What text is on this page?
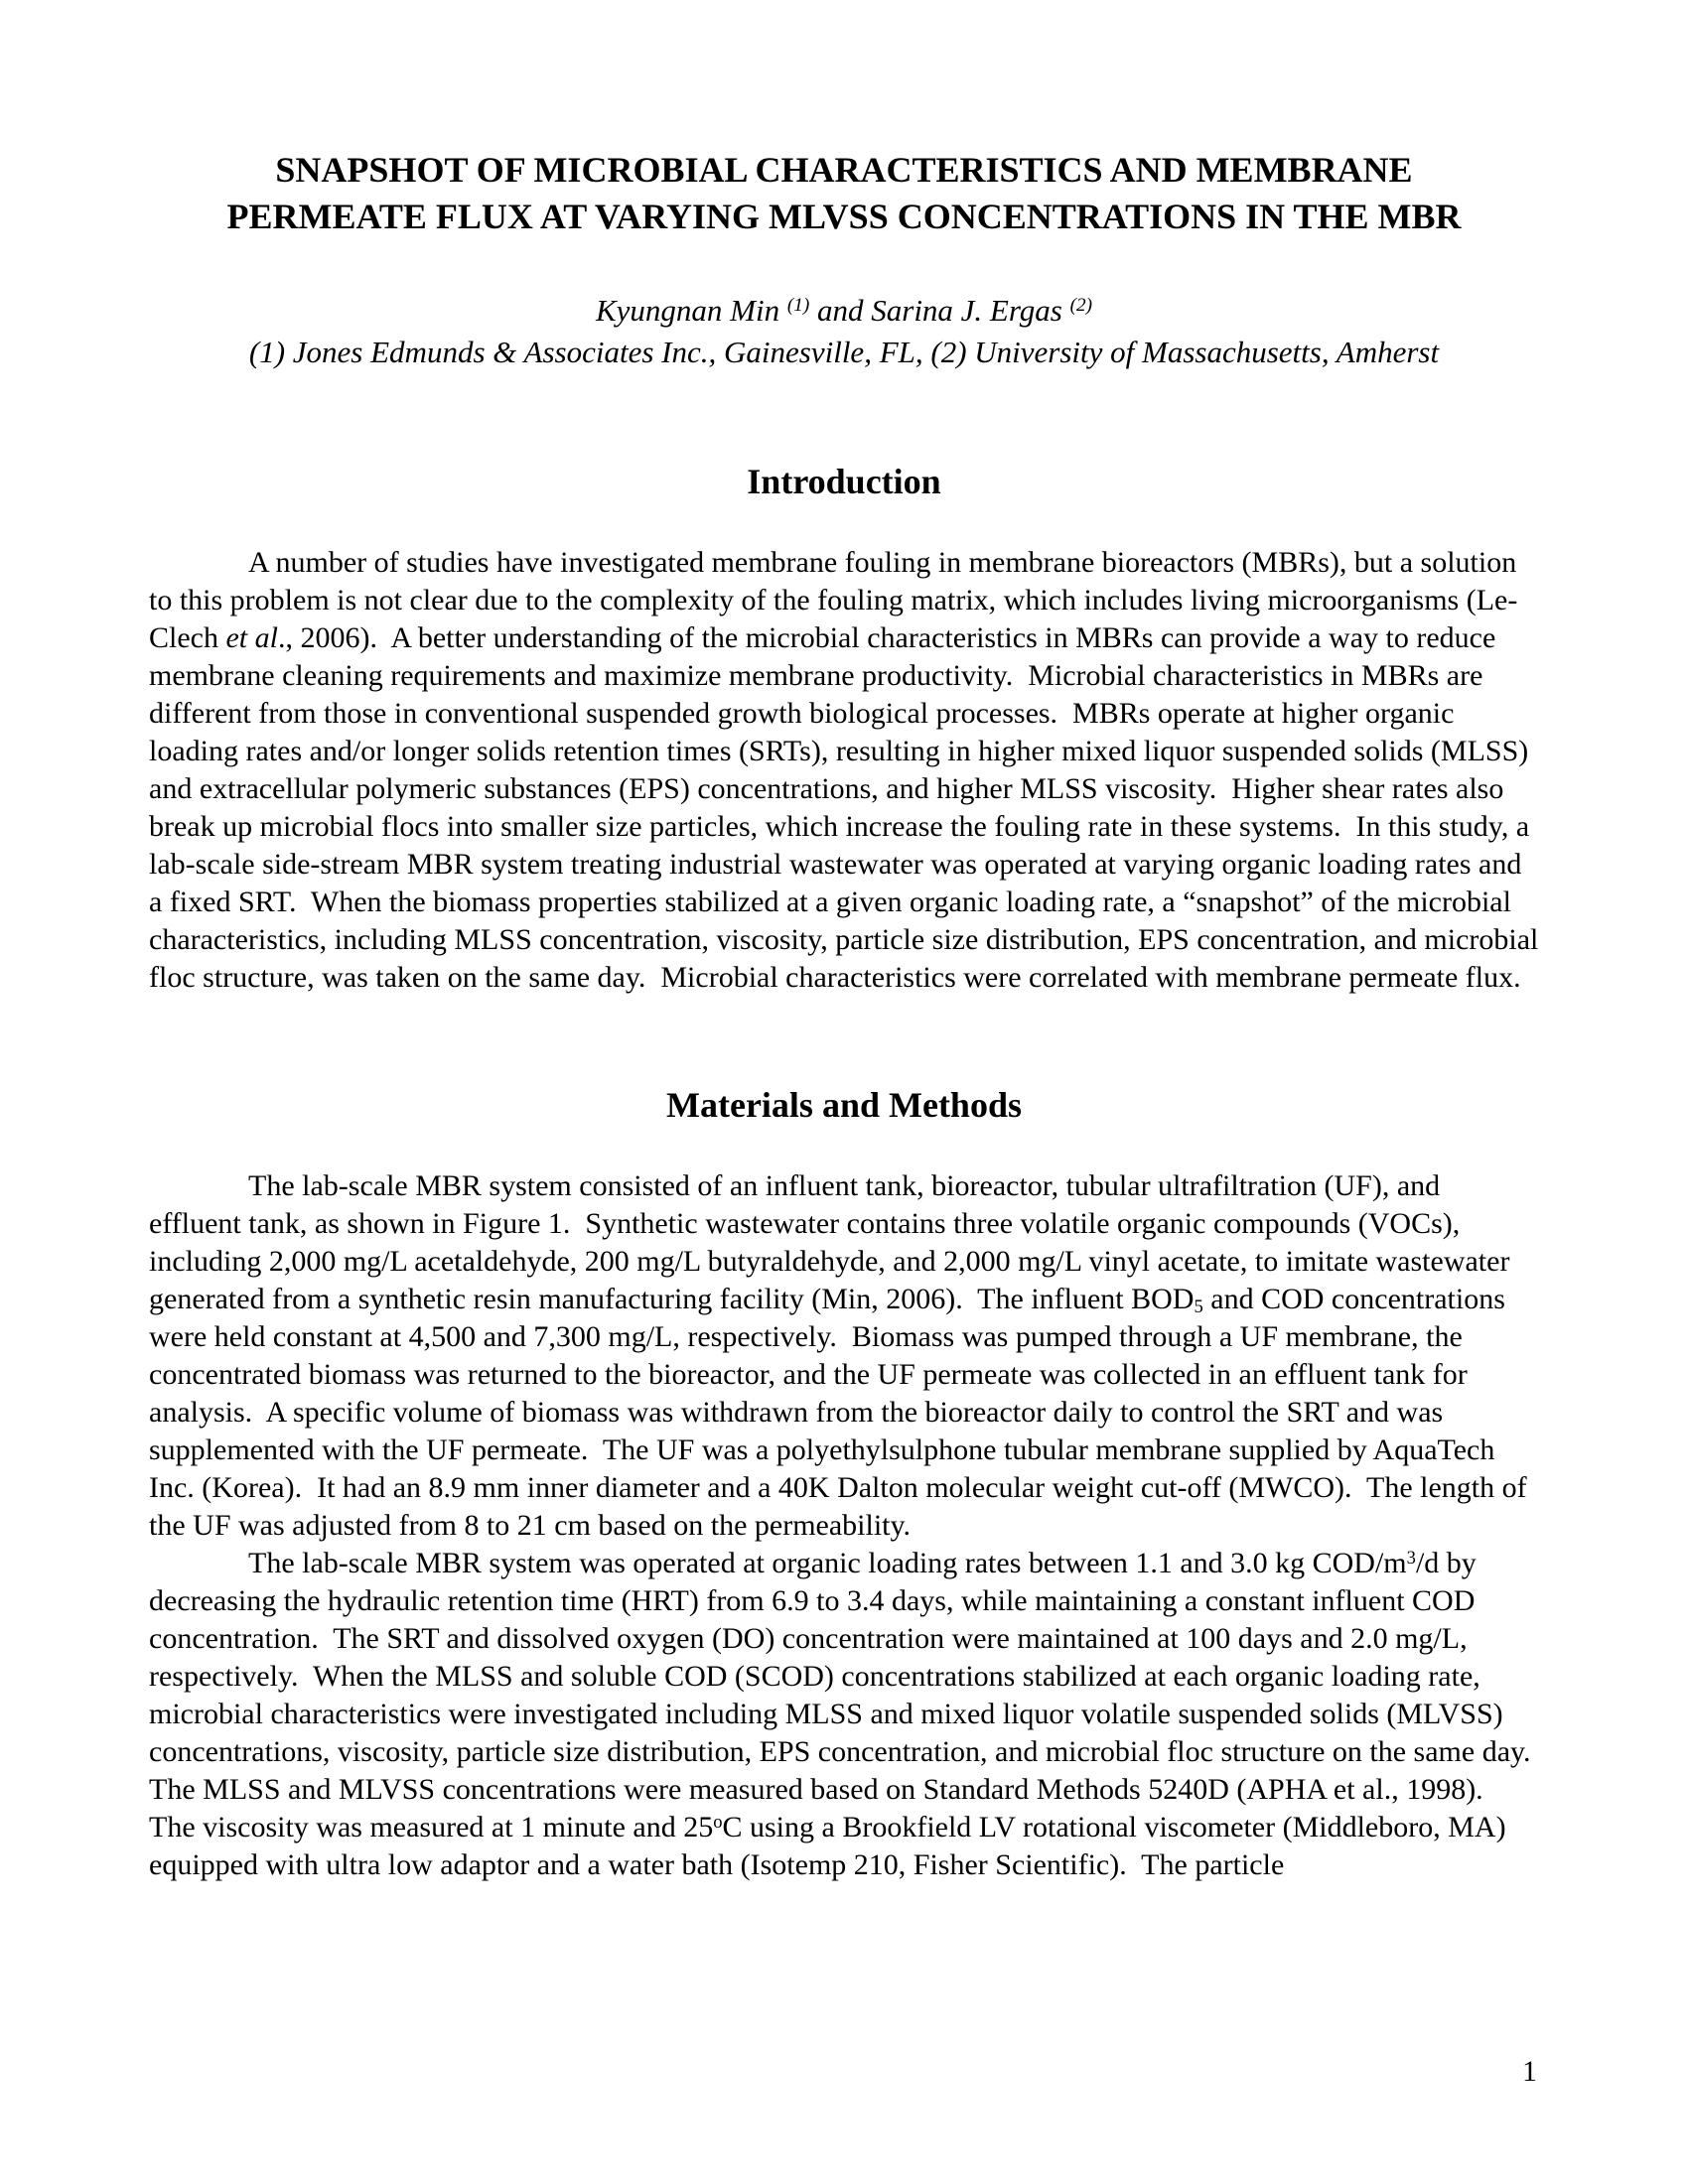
SNAPSHOT OF MICROBIAL CHARACTERISTICS AND MEMBRANE
PERMEATE FLUX AT VARYING MLVSS CONCENTRATIONS IN THE MBR
Kyungnan Min $^{(1)}$ and Sarina J. Ergas $^{(2)}$
(1) Jones Edmunds & Associates Inc., Gainesville, FL, (2) University of Massachusetts, Amherst
Introduction

A number of studies have investigated membrane fouling in membrane bioreactors (MBRs), but a solution to this problem is not clear due to the complexity of the fouling matrix, which includes living microorganisms (Le-Clech et al., 2006).  A better understanding of the microbial characteristics in MBRs can provide a way to reduce membrane cleaning requirements and maximize membrane productivity.  Microbial characteristics in MBRs are different from those in conventional suspended growth biological processes.  MBRs operate at higher organic loading rates and/or longer solids retention times (SRTs), resulting in higher mixed liquor suspended solids (MLSS) and extracellular polymeric substances (EPS) concentrations, and higher MLSS viscosity.  Higher shear rates also break up microbial flocs into smaller size particles, which increase the fouling rate in these systems.  In this study, a lab-scale side-stream MBR system treating industrial wastewater was operated at varying organic loading rates and a fixed SRT.  When the biomass properties stabilized at a given organic loading rate, a “snapshot” of the microbial characteristics, including MLSS concentration, viscosity, particle size distribution, EPS concentration, and microbial floc structure, was taken on the same day.  Microbial characteristics were correlated with membrane permeate flux.

Materials and Methods

The lab-scale MBR system consisted of an influent tank, bioreactor, tubular ultrafiltration (UF), and effluent tank, as shown in Figure 1.  Synthetic wastewater contains three volatile organic compounds (VOCs), including 2,000 mg/L acetaldehyde, 200 mg/L butyraldehyde, and 2,000 mg/L vinyl acetate, to imitate wastewater generated from a synthetic resin manufacturing facility (Min, 2006).  The influent BOD5 and COD concentrations were held constant at 4,500 and 7,300 mg/L, respectively.  Biomass was pumped through a UF membrane, the concentrated biomass was returned to the bioreactor, and the UF permeate was collected in an effluent tank for analysis.  A specific volume of biomass was withdrawn from the bioreactor daily to control the SRT and was supplemented with the UF permeate.  The UF was a polyethylsulphone tubular membrane supplied by AquaTech Inc. (Korea).  It had an 8.9 mm inner diameter and a 40K Dalton molecular weight cut-off (MWCO).  The length of the UF was adjusted from 8 to 21 cm based on the permeability.

The lab-scale MBR system was operated at organic loading rates between 1.1 and 3.0 kg COD/$m^3/d$ by decreasing the hydraulic retention time (HRT) from 6.9 to 3.4 days, while maintaining a constant influent COD concentration.  The SRT and dissolved oxygen (DO) concentration were maintained at 100 days and 2.0 mg/L, respectively.  When the MLSS and soluble COD (SCOD) concentrations stabilized at each organic loading rate, microbial characteristics were investigated including MLSS and mixed liquor volatile suspended solids (MLVSS) concentrations, viscosity, particle size distribution, EPS concentration, and microbial floc structure on the same day.  The MLSS and MLVSS concentrations were measured based on Standard Methods 5240D (APHA et al., 1998).  The viscosity was measured at 1 minute and 25$^o$C using a Brookfield LV rotational viscometer (Middleboro, MA) equipped with ultra low adaptor and a water bath (Isotemp 210, Fisher Scientific).  The particle

1
